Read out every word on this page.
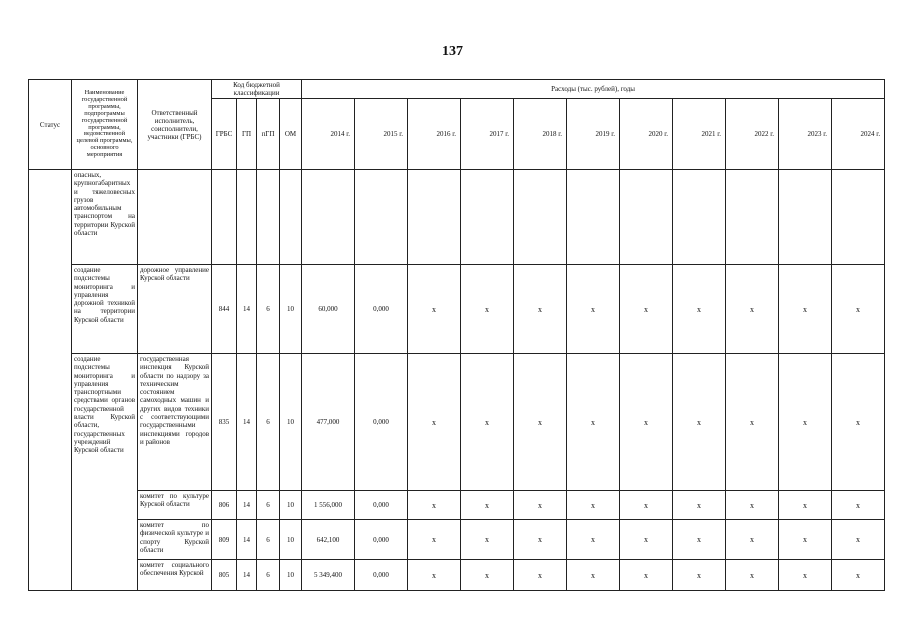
137
Статус	Наименование государственной программы, подпрограммы государственной программы, ведомственной целевой программы, основного мероприятия	Ответственный исполнитель, соисполнители, участники (ГРБС)	Код бюджетной классификации				Расходы (тыс. рублей), годы										
			ГРБС	ГП	пГП	ОМ	2014 г.	2015 г.	2016 г.	2017 г.	2018 г.	2019 г.	2020 г.	2021 г.	2022 г.	2023 г.	2024 г.
	опасных, крупногабаритных и тяжеловесных грузов автомобильным транспортом на территории Курской области																
	создание подсистемы мониторинга и управления дорожной техникой на территории Курской области	дорожное управление Курской области	844	14	6	10	60,000	0,000	x	x	x	x	x	x	x	x	x
	создание подсистемы мониторинга и управления транспортными средствами органов государственной власти Курской области, государственных учреждений Курской области	государственная инспекция Курской области по надзору за техническим состоянием самоходных машин и других видов техники с соответствующими государственными инспекциями городов и районов	835	14	6	10	477,000	0,000	x	x	x	x	x	x	x	x	x
		комитет по культуре Курской области	806	14	6	10	1 556,000	0,000	x	x	x	x	x	x	x	x	x
		комитет по физической культуре и спорту Курской области	809	14	6	10	642,100	0,000	x	x	x	x	x	x	x	x	x
		комитет социального обеспечения Курской	805	14	6	10	5 349,400	0,000	x	x	x	x	x	x	x	x	x
